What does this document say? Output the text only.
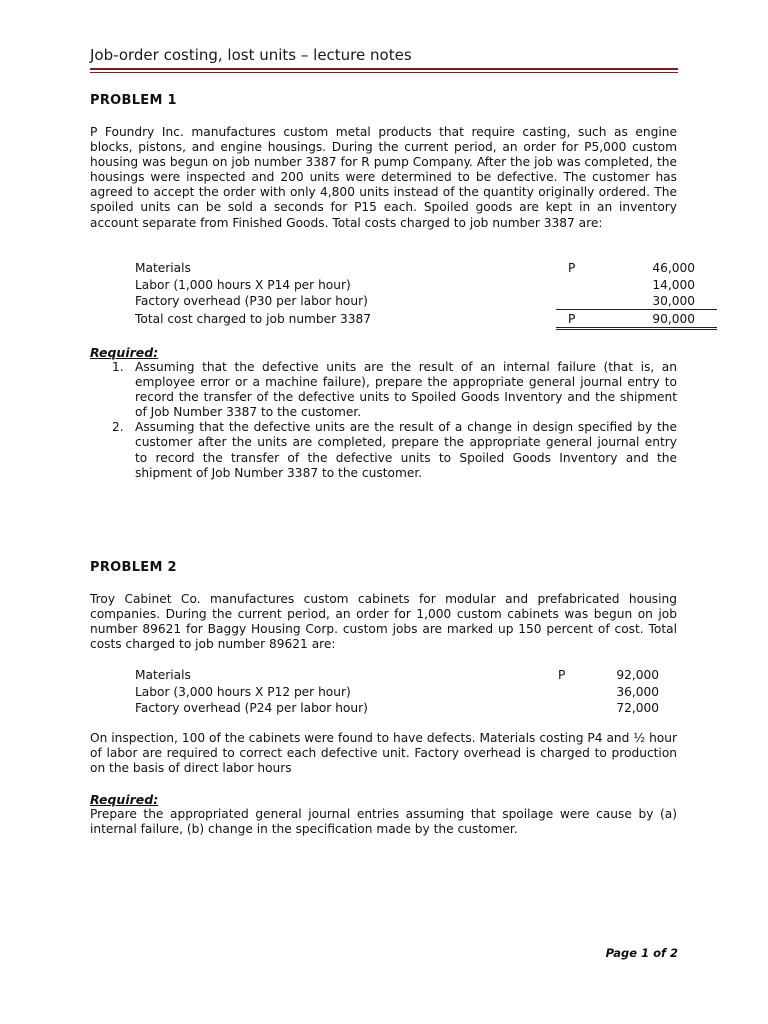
Job-order costing, lost units – lecture notes
PROBLEM 1
P Foundry Inc. manufactures custom metal products that require casting, such as engine blocks, pistons, and engine housings. During the current period, an order for P5,000 custom housing was begun on job number 3387 for R pump Company. After the job was completed, the housings were inspected and 200 units were determined to be defective. The customer has agreed to accept the order with only 4,800 units instead of the quantity originally ordered. The spoiled units can be sold a seconds for P15 each. Spoiled goods are kept in an inventory account separate from Finished Goods. Total costs charged to job number 3387 are:
Materials	P	46,000
Labor (1,000 hours X P14 per hour)	14,000
Factory overhead (P30 per labor hour)	30,000
Total cost charged to job number 3387	P	90,000
Required:
1. Assuming that the defective units are the result of an internal failure (that is, an employee error or a machine failure), prepare the appropriate general journal entry to record the transfer of the defective units to Spoiled Goods Inventory and the shipment of Job Number 3387 to the customer.
2. Assuming that the defective units are the result of a change in design specified by the customer after the units are completed, prepare the appropriate general journal entry to record the transfer of the defective units to Spoiled Goods Inventory and the shipment of Job Number 3387 to the customer.
PROBLEM 2
Troy Cabinet Co. manufactures custom cabinets for modular and prefabricated housing companies. During the current period, an order for 1,000 custom cabinets was begun on job number 89621 for Baggy Housing Corp. custom jobs are marked up 150 percent of cost. Total costs charged to job number 89621 are:
Materials	P	92,000
Labor (3,000 hours X P12 per hour)	36,000
Factory overhead (P24 per labor hour)	72,000
On inspection, 100 of the cabinets were found to have defects. Materials costing P4 and ½ hour of labor are required to correct each defective unit. Factory overhead is charged to production on the basis of direct labor hours
Required:
Prepare the appropriated general journal entries assuming that spoilage were cause by (a) internal failure, (b) change in the specification made by the customer.
Page 1 of 2
